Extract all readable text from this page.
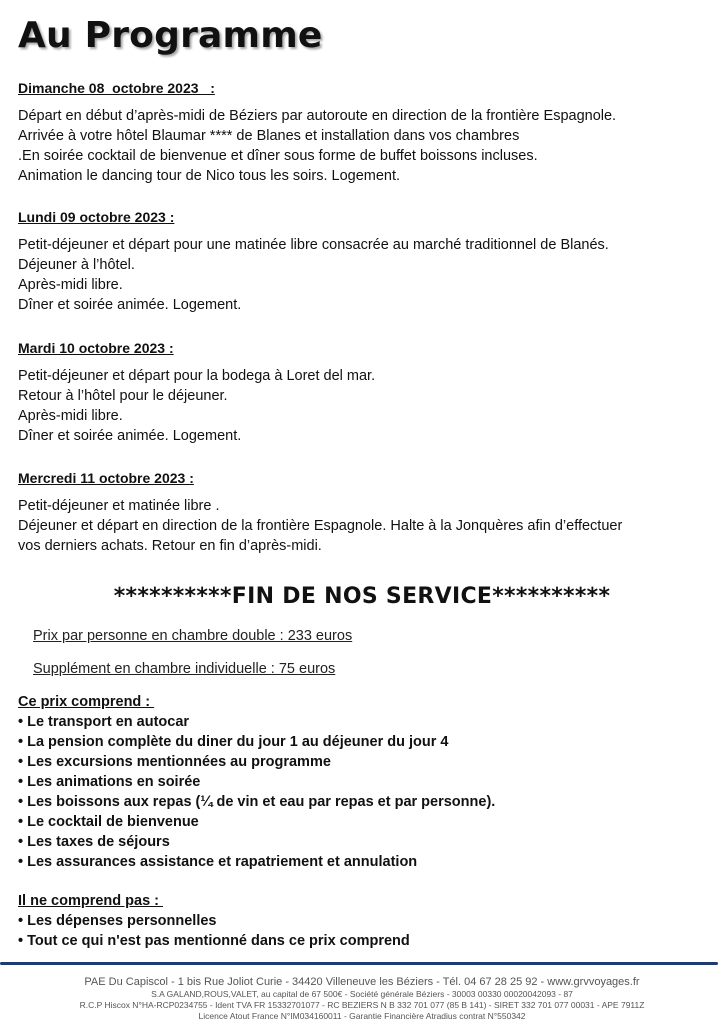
Au Programme
Dimanche 08  octobre 2023   :

Départ en début d’après-midi de Béziers par autoroute en direction de la frontière Espagnole.

Arrivée à votre hôtel Blaumar **** de Blanes et installation dans vos chambres

.En soirée cocktail de bienvenue et dîner sous forme de buffet boissons incluses.

Animation le dancing tour de Nico tous les soirs. Logement.

Lundi 09 octobre 2023 :

Petit-déjeuner et départ pour une matinée libre consacrée au marché traditionnel de Blanés.

Déjeuner à l’hôtel.

Après-midi libre.

Dîner et soirée animée. Logement.

Mardi 10 octobre 2023 :

Petit-déjeuner et départ pour la bodega à Loret del mar.

Retour à l’hôtel pour le déjeuner.

Après-midi libre.

Dîner et soirée animée. Logement.

Mercredi 11 octobre 2023 :

Petit-déjeuner et matinée libre .

Déjeuner et départ en direction de la frontière Espagnole. Halte à la Jonquères afin d’effectuer

vos derniers achats. Retour en fin d’après-midi.

**********FIN DE NOS SERVICE**********
Prix par personne en chambre double : 233 euros
Supplément en chambre individuelle : 75 euros
Ce prix comprend :
• Le transport en autocar
• La pension complète du diner du jour 1 au déjeuner du jour 4
• Les excursions mentionnées au programme
• Les animations en soirée
• Les boissons aux repas (¼ de vin et eau par repas et par personne).
• Le cocktail de bienvenue
• Les taxes de séjours
• Les assurances assistance et rapatriement et annulation
Il ne comprend pas :
• Les dépenses personnelles
• Tout ce qui n'est pas mentionné dans ce prix comprend
PAE Du Capiscol - 1 bis Rue Joliot Curie - 34420 Villeneuve les Béziers - Tél. 04 67 28 25 92 - www.grvvoyages.fr
S.A GALAND,ROUS,VALET, au capital de 67 500€ - Société générale Béziers - 30003 00330 00020042093 - 87
R.C.P Hiscox N°HA-RCP0234755 - Ident TVA FR 15332701077 - RC BEZIERS N B 332 701 077 (85 B 141) - SIRET 332 701 077 00031 - APE 7911Z
Licence Atout France N°IM034160011 - Garantie Financière Atradius contrat N°550342
